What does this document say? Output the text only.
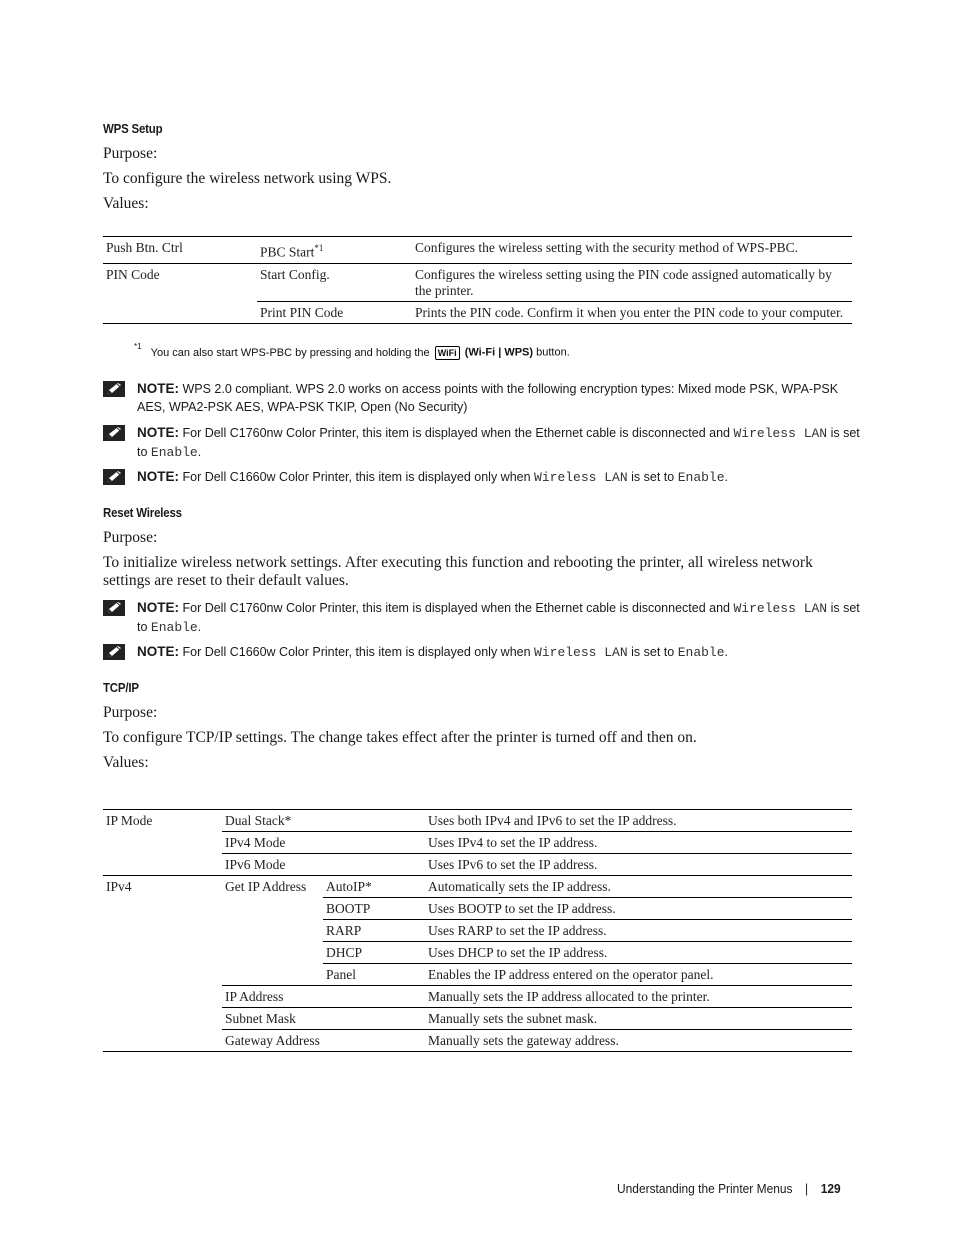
WPS Setup
Purpose:
To configure the wireless network using WPS.
Values:
Push Btn. Ctrl	PBC Start$^{*1}$	Configures the wireless setting with the security method of WPS-PBC.
PIN Code	Start Config.	Configures the wireless setting using the PIN code assigned automatically by the printer.
	Print PIN Code	Prints the PIN code. Confirm it when you enter the PIN code to your computer.
$^{*1}$ You can also start WPS-PBC by pressing and holding the WiFi (Wi-Fi | WPS) button.
NOTE: WPS 2.0 compliant. WPS 2.0 works on access points with the following encryption types: Mixed mode PSK, WPA-PSK AES, WPA2-PSK AES, WPA-PSK TKIP, Open (No Security)
NOTE: For Dell C1760nw Color Printer, this item is displayed when the Ethernet cable is disconnected and Wireless LAN is set to Enable.
NOTE: For Dell C1660w Color Printer, this item is displayed only when Wireless LAN is set to Enable.
Reset Wireless
Purpose:
To initialize wireless network settings. After executing this function and rebooting the printer, all wireless network settings are reset to their default values.
NOTE: For Dell C1760nw Color Printer, this item is displayed when the Ethernet cable is disconnected and Wireless LAN is set to Enable.
NOTE: For Dell C1660w Color Printer, this item is displayed only when Wireless LAN is set to Enable.
TCP/IP
Purpose:
To configure TCP/IP settings. The change takes effect after the printer is turned off and then on.
Values:
IP Mode	Dual Stack*		Uses both IPv4 and IPv6 to set the IP address.
	IPv4 Mode		Uses IPv4 to set the IP address.
	IPv6 Mode		Uses IPv6 to set the IP address.
IPv4	Get IP Address	AutoIP*	Automatically sets the IP address.
		BOOTP	Uses BOOTP to set the IP address.
		RARP	Uses RARP to set the IP address.
		DHCP	Uses DHCP to set the IP address.
		Panel	Enables the IP address entered on the operator panel.
	IP Address		Manually sets the IP address allocated to the printer.
	Subnet Mask		Manually sets the subnet mask.
	Gateway Address		Manually sets the gateway address.
Understanding the Printer Menus | 129
